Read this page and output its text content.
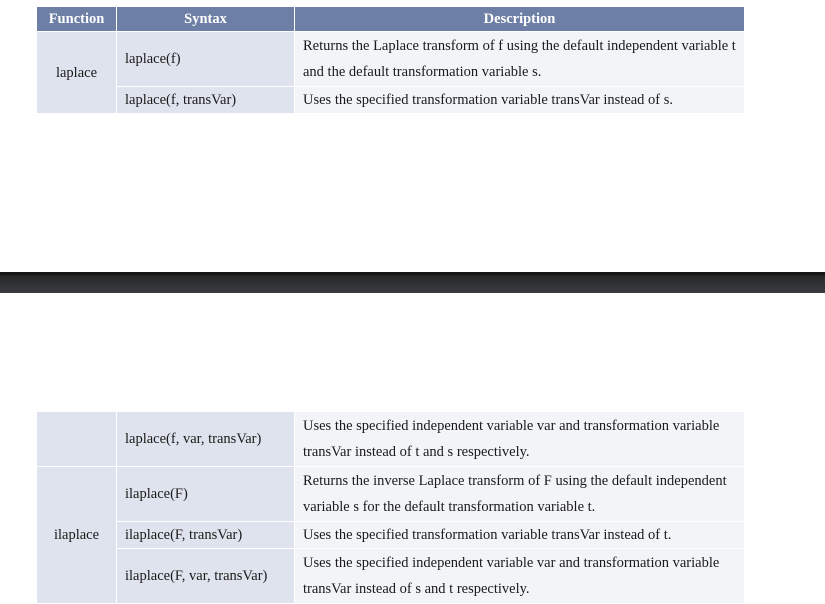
Function	Syntax	Description
laplace	laplace(f)	Returns the Laplace transform of f using the default independent variable t and the default transformation variable s.
	laplace(f, transVar)	Uses the specified transformation variable transVar instead of s.
	laplace(f, var, transVar)	Uses the specified independent variable var and transformation variable transVar instead of t and s respectively.
ilaplace	ilaplace(F)	Returns the inverse Laplace transform of F using the default independent variable s for the default transformation variable t.
	ilaplace(F, transVar)	Uses the specified transformation variable transVar instead of t.
	ilaplace(F, var, transVar)	Uses the specified independent variable var and transformation variable transVar instead of s and t respectively.
